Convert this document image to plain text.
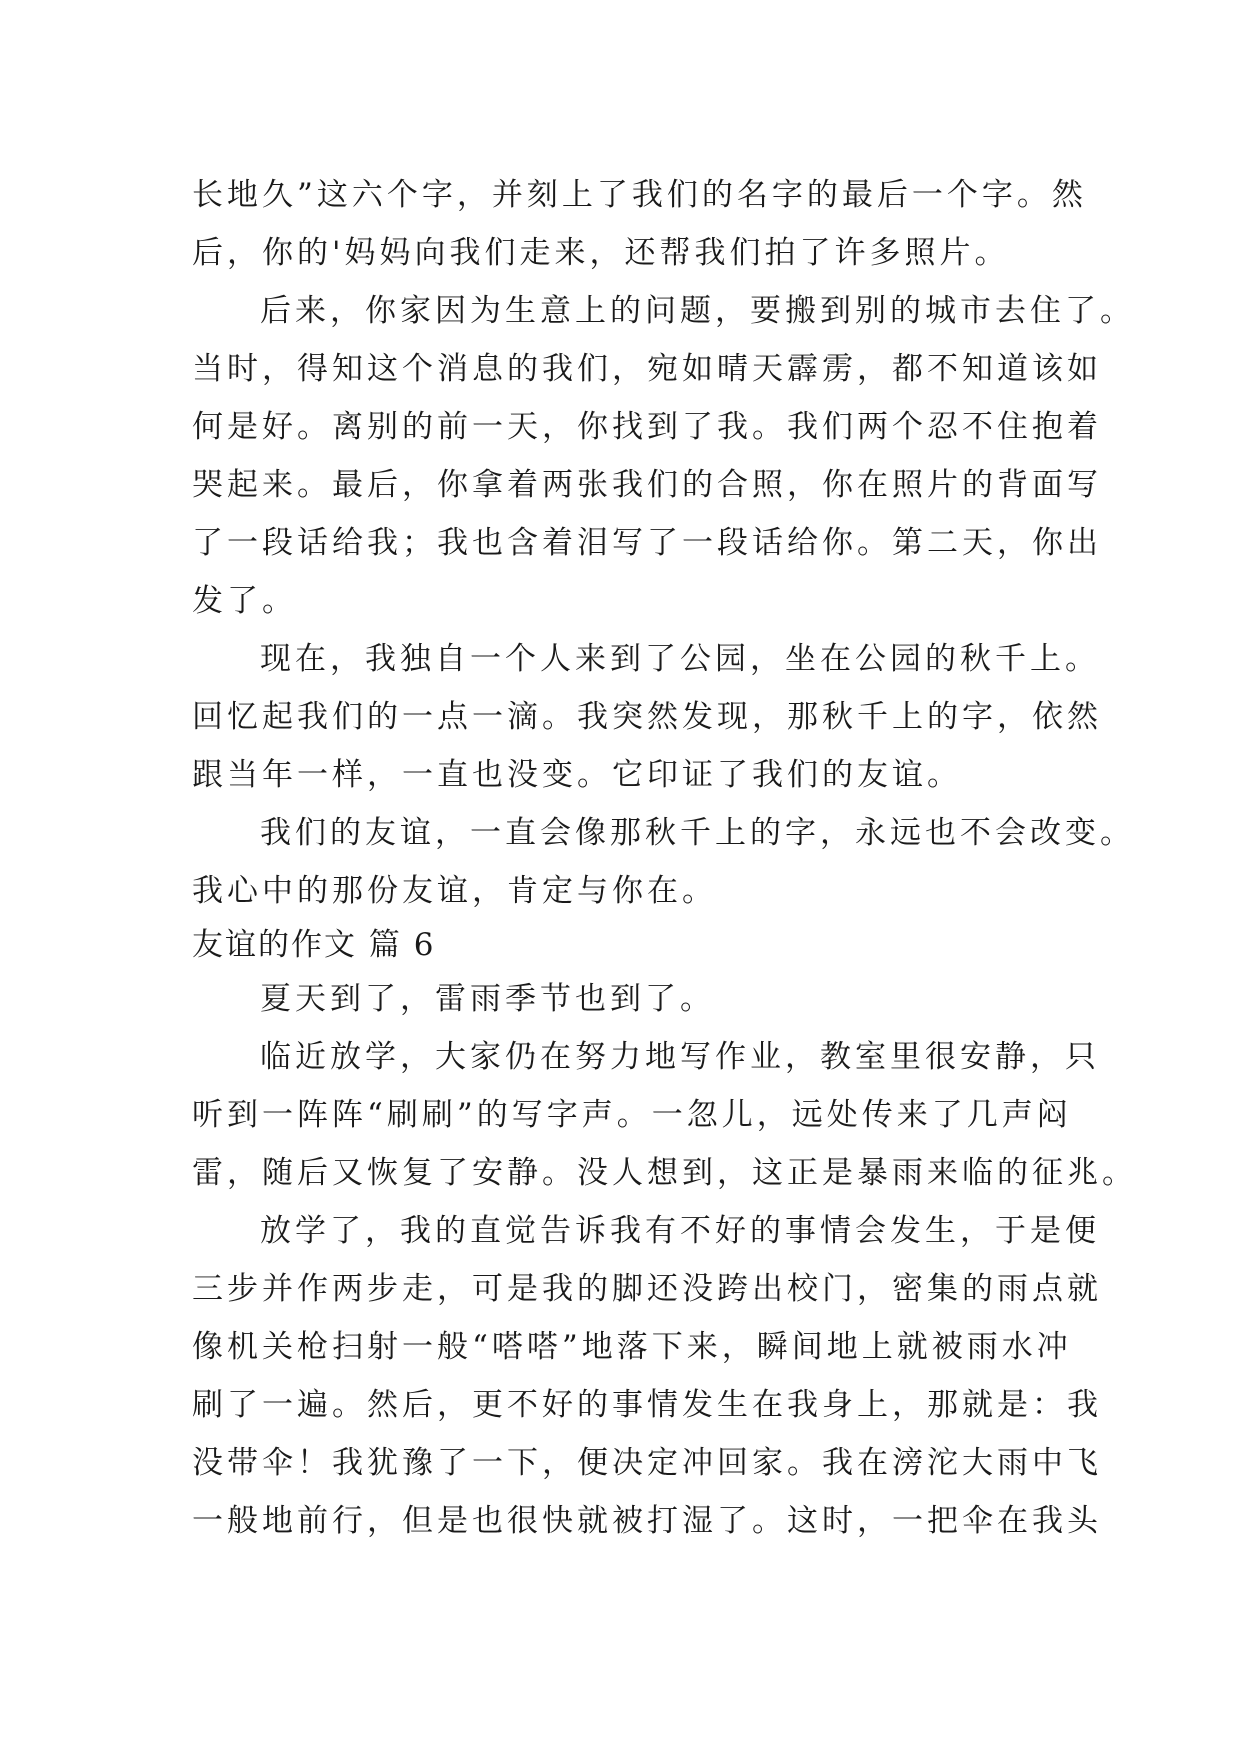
长地久”这六个字，并刻上了我们的名字的最后一个字。然
后，你的'妈妈向我们走来，还帮我们拍了许多照片。
后来，你家因为生意上的问题，要搬到别的城市去住了。
当时，得知这个消息的我们，宛如晴天霹雳，都不知道该如
何是好。离别的前一天，你找到了我。我们两个忍不住抱着
哭起来。最后，你拿着两张我们的合照，你在照片的背面写
了一段话给我；我也含着泪写了一段话给你。第二天，你出
发了。
现在，我独自一个人来到了公园，坐在公园的秋千上。
回忆起我们的一点一滴。我突然发现，那秋千上的字，依然
跟当年一样，一直也没变。它印证了我们的友谊。
我们的友谊，一直会像那秋千上的字，永远也不会改变。
我心中的那份友谊，肯定与你在。
友谊的作文 篇 6
夏天到了，雷雨季节也到了。
临近放学，大家仍在努力地写作业，教室里很安静，只
听到一阵阵“刷刷”的写字声。一忽儿，远处传来了几声闷
雷，随后又恢复了安静。没人想到，这正是暴雨来临的征兆。
放学了，我的直觉告诉我有不好的事情会发生，于是便
三步并作两步走，可是我的脚还没跨出校门，密集的雨点就
像机关枪扫射一般“嗒嗒”地落下来，瞬间地上就被雨水冲
刷了一遍。然后，更不好的事情发生在我身上，那就是：我
没带伞！我犹豫了一下，便决定冲回家。我在滂沱大雨中飞
一般地前行，但是也很快就被打湿了。这时，一把伞在我头
